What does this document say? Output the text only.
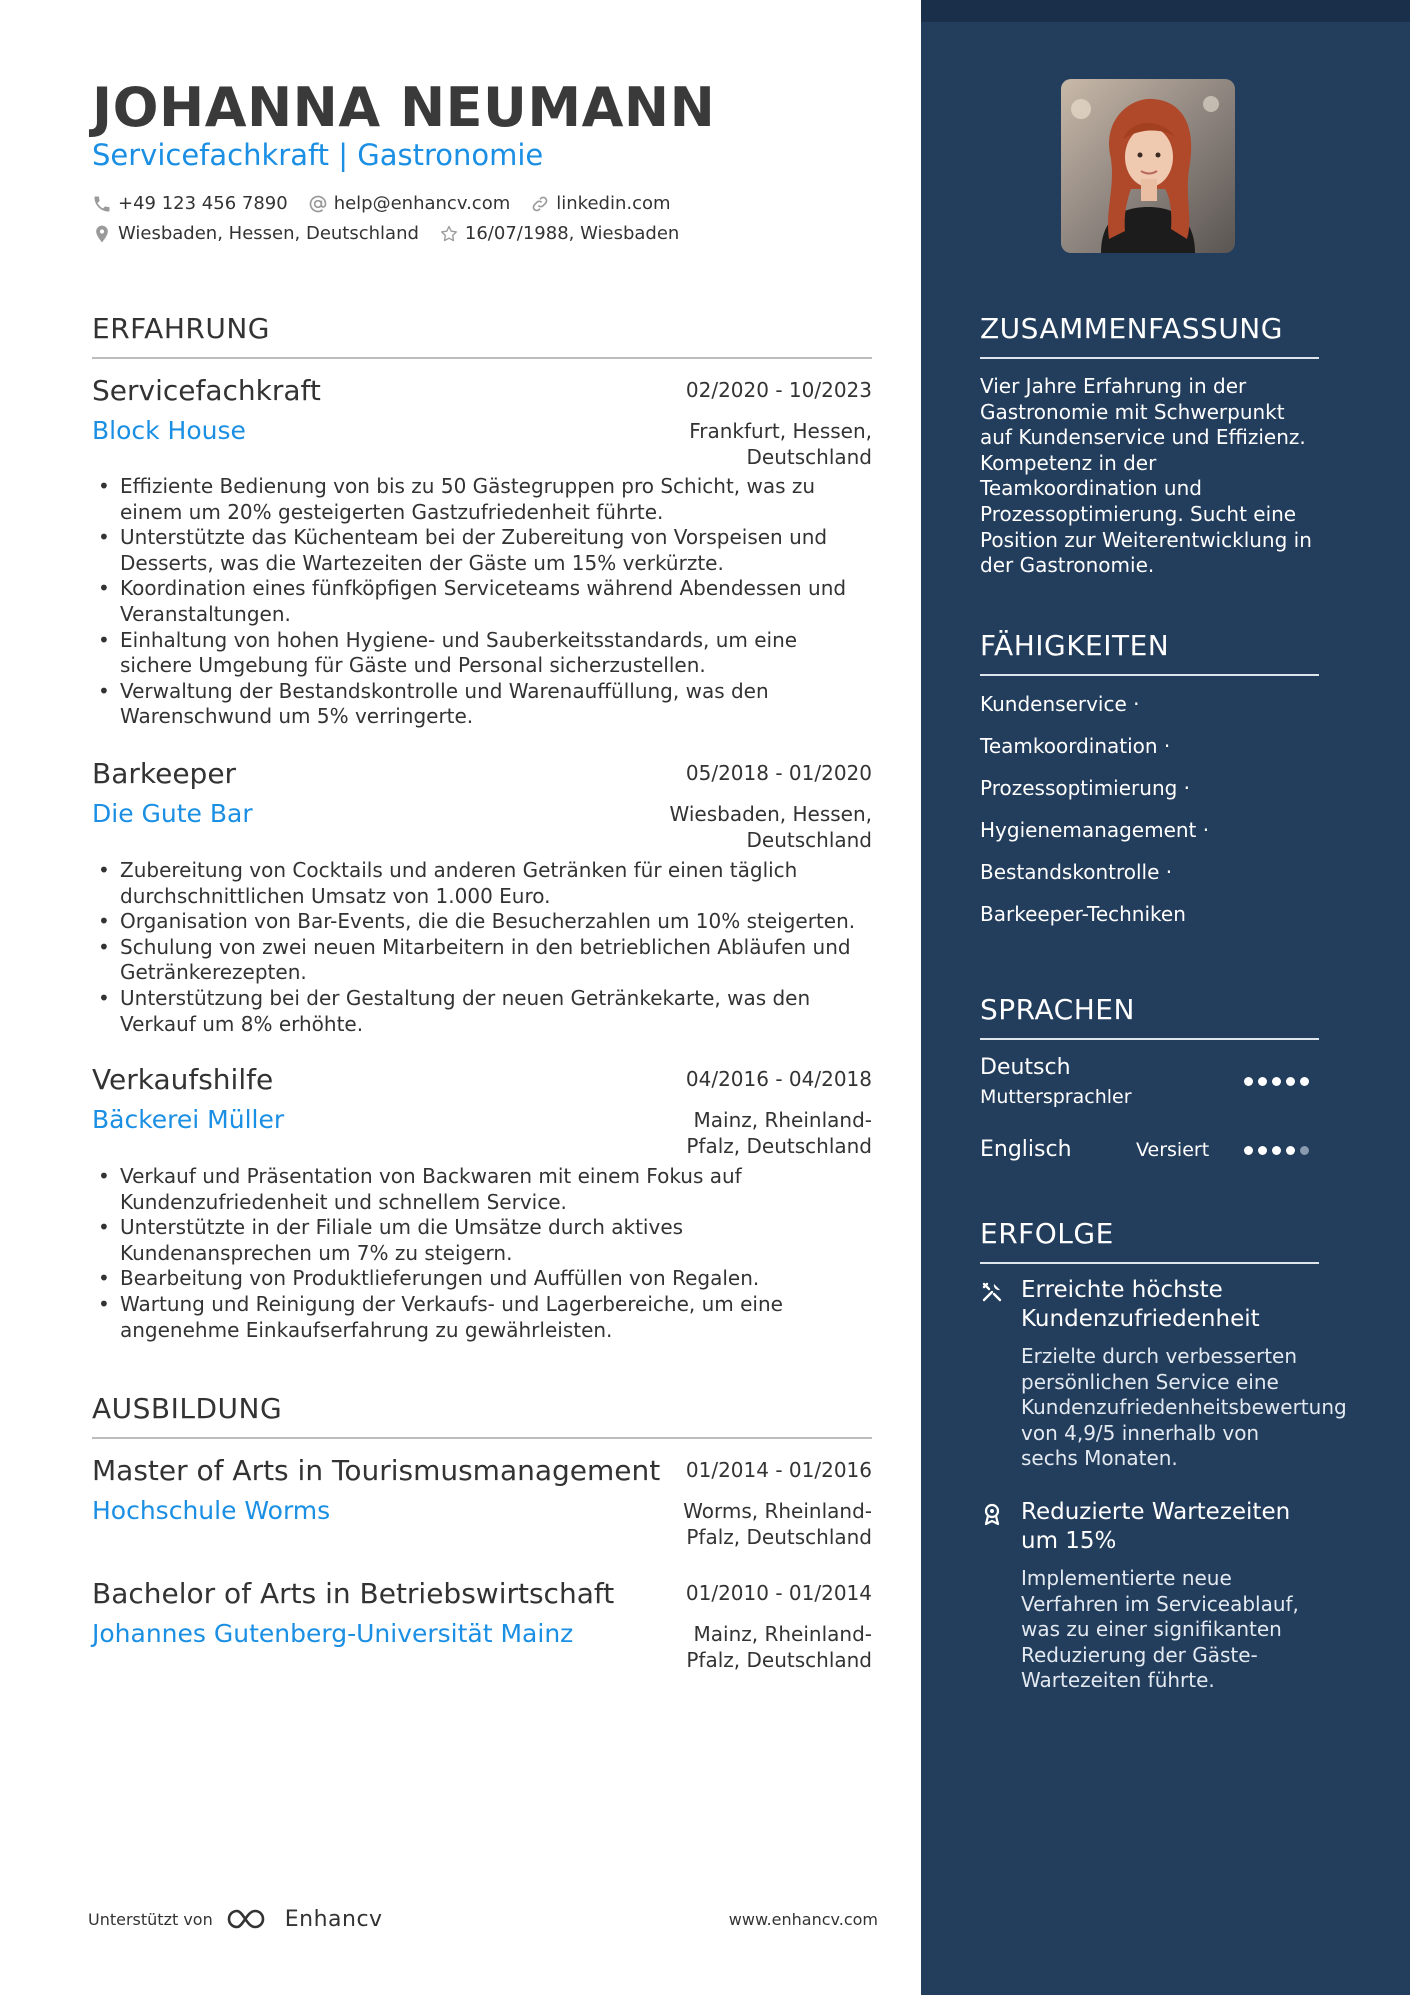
JOHANNA NEUMANN
Servicefachkraft | Gastronomie
+49 123 456 7890	help@enhancv.com	linkedin.com
Wiesbaden, Hessen, Deutschland	16/07/1988, Wiesbaden
ERFAHRUNG
Servicefachkraft	02/2020 - 10/2023
Block House	Frankfurt, Hessen, Deutschland
• Effiziente Bedienung von bis zu 50 Gästegruppen pro Schicht, was zu einem um 20% gesteigerten Gastzufriedenheit führte.
• Unterstützte das Küchenteam bei der Zubereitung von Vorspeisen und Desserts, was die Wartezeiten der Gäste um 15% verkürzte.
• Koordination eines fünfköpfigen Serviceteams während Abendessen und Veranstaltungen.
• Einhaltung von hohen Hygiene- und Sauberkeitsstandards, um eine sichere Umgebung für Gäste und Personal sicherzustellen.
• Verwaltung der Bestandskontrolle und Warenauffüllung, was den Warenschwund um 5% verringerte.
Barkeeper	05/2018 - 01/2020
Die Gute Bar	Wiesbaden, Hessen, Deutschland
• Zubereitung von Cocktails und anderen Getränken für einen täglich durchschnittlichen Umsatz von 1.000 Euro.
• Organisation von Bar-Events, die die Besucherzahlen um 10% steigerten.
• Schulung von zwei neuen Mitarbeitern in den betrieblichen Abläufen und Getränkerezepten.
• Unterstützung bei der Gestaltung der neuen Getränkekarte, was den Verkauf um 8% erhöhte.
Verkaufshilfe	04/2016 - 04/2018
Bäckerei Müller	Mainz, Rheinland-Pfalz, Deutschland
• Verkauf und Präsentation von Backwaren mit einem Fokus auf Kundenzufriedenheit und schnellem Service.
• Unterstützte in der Filiale um die Umsätze durch aktives Kundenansprechen um 7% zu steigern.
• Bearbeitung von Produktlieferungen und Auffüllen von Regalen.
• Wartung und Reinigung der Verkaufs- und Lagerbereiche, um eine angenehme Einkaufserfahrung zu gewährleisten.
AUSBILDUNG
Master of Arts in Tourismusmanagement 01/2014 - 01/2016
Hochschule Worms	Worms, Rheinland-Pfalz, Deutschland
Bachelor of Arts in Betriebswirtschaft	01/2010 - 01/2014
Johannes Gutenberg-Universität Mainz	Mainz, Rheinland-Pfalz, Deutschland
Unterstützt von	Enhancv	www.enhancv.com
ZUSAMMENFASSUNG
Vier Jahre Erfahrung in der Gastronomie mit Schwerpunkt auf Kundenservice und Effizienz. Kompetenz in der Teamkoordination und Prozessoptimierung. Sucht eine Position zur Weiterentwicklung in der Gastronomie.
FÄHIGKEITEN
Kundenservice ·
Teamkoordination ·
Prozessoptimierung ·
Hygienemanagement ·
Bestandskontrolle ·
Barkeeper-Techniken
SPRACHEN
Deutsch
Muttersprachler
Englisch	Versiert
ERFOLGE
Erreichte höchste Kundenzufriedenheit
Erzielte durch verbesserten persönlichen Service eine Kundenzufriedenheitsbewertung von 4,9/5 innerhalb von sechs Monaten.
Reduzierte Wartezeiten um 15%
Implementierte neue Verfahren im Serviceablauf, was zu einer signifikanten Reduzierung der Gäste-Wartezeiten führte.
